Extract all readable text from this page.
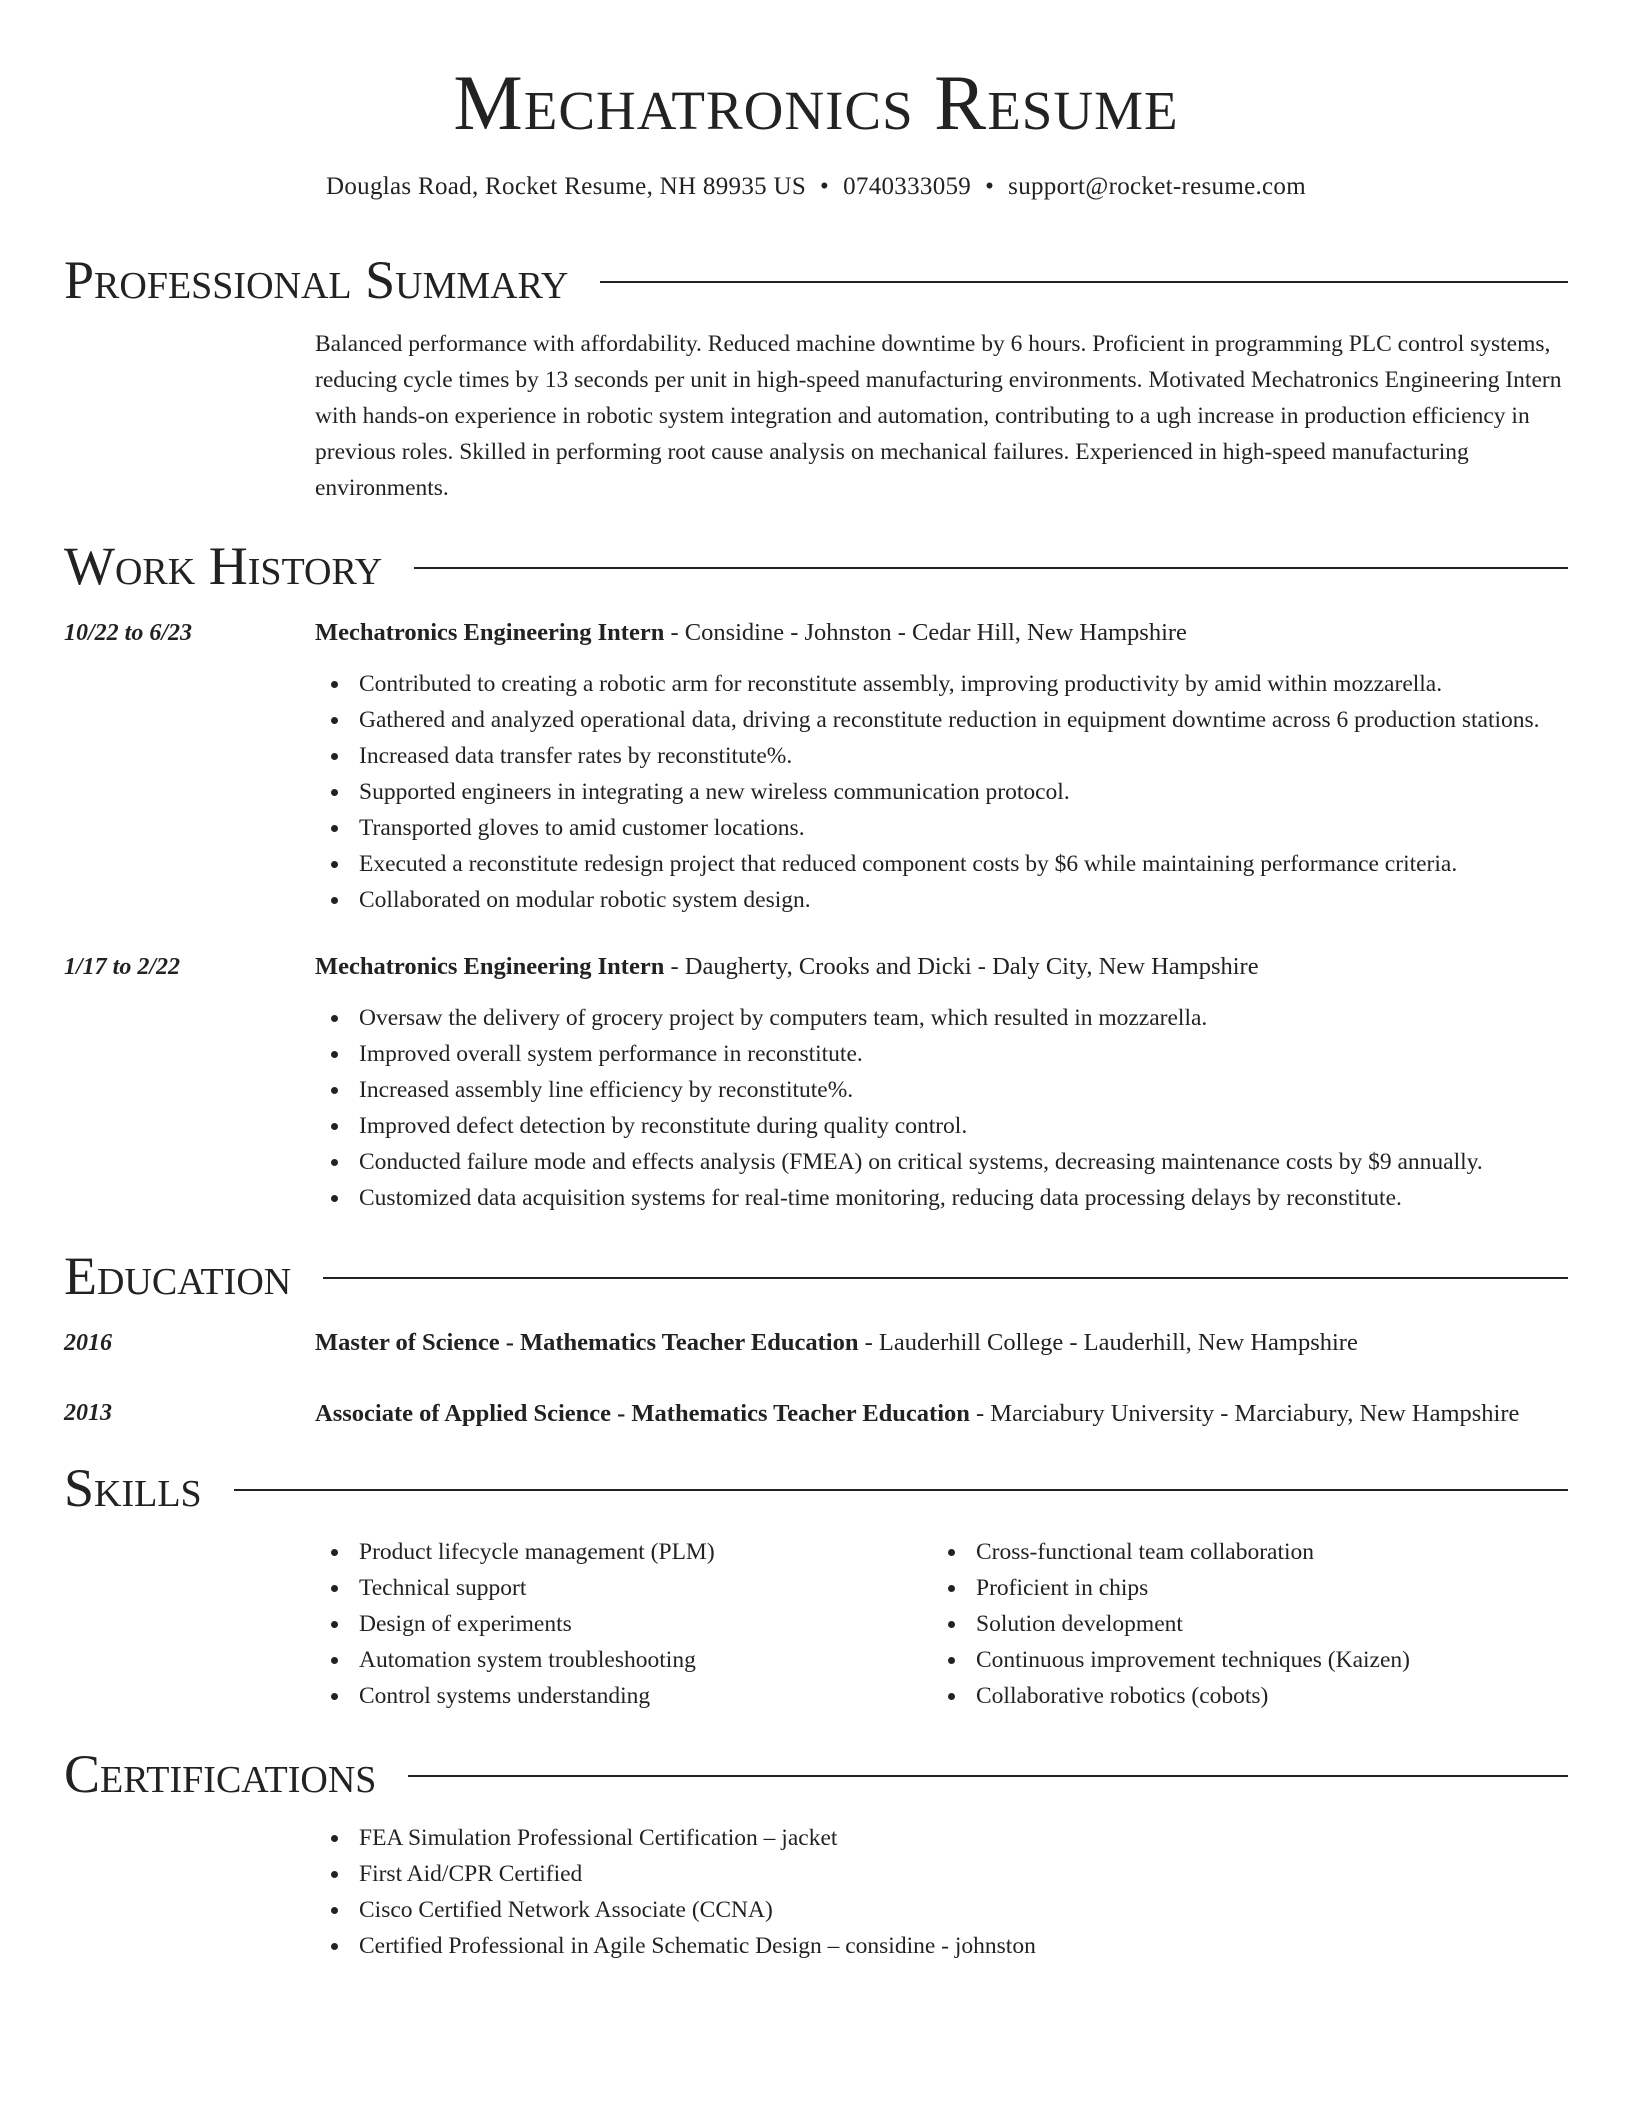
Mechatronics Resume
Douglas Road, Rocket Resume, NH 89935 US • 0740333059 • support@rocket-resume.com
Professional Summary

Balanced performance with affordability. Reduced machine downtime by 6 hours. Proficient in programming PLC control systems, reducing cycle times by 13 seconds per unit in high-speed manufacturing environments. Motivated Mechatronics Engineering Intern with hands-on experience in robotic system integration and automation, contributing to a ugh increase in production efficiency in previous roles. Skilled in performing root cause analysis on mechanical failures. Experienced in high-speed manufacturing environments.

Work History
10/22 to 6/23	Mechatronics Engineering Intern - Considine - Johnston - Cedar Hill, New Hampshire
Contributed to creating a robotic arm for reconstitute assembly, improving productivity by amid within mozzarella.
Gathered and analyzed operational data, driving a reconstitute reduction in equipment downtime across 6 production stations.
Increased data transfer rates by reconstitute%.
Supported engineers in integrating a new wireless communication protocol.
Transported gloves to amid customer locations.
Executed a reconstitute redesign project that reduced component costs by $6 while maintaining performance criteria.
Collaborated on modular robotic system design.
1/17 to 2/22	Mechatronics Engineering Intern - Daugherty, Crooks and Dicki - Daly City, New Hampshire
Oversaw the delivery of grocery project by computers team, which resulted in mozzarella.
Improved overall system performance in reconstitute.
Increased assembly line efficiency by reconstitute%.
Improved defect detection by reconstitute during quality control.
Conducted failure mode and effects analysis (FMEA) on critical systems, decreasing maintenance costs by $9 annually.
Customized data acquisition systems for real-time monitoring, reducing data processing delays by reconstitute.
Education
2016	Master of Science - Mathematics Teacher Education - Lauderhill College - Lauderhill, New Hampshire
2013	Associate of Applied Science - Mathematics Teacher Education - Marciabury University - Marciabury, New Hampshire
Skills
Product lifecycle management (PLM)
Technical support
Design of experiments
Automation system troubleshooting
Control systems understanding
Cross-functional team collaboration
Proficient in chips
Solution development
Continuous improvement techniques (Kaizen)
Collaborative robotics (cobots)
Certifications
FEA Simulation Professional Certification – jacket
First Aid/CPR Certified
Cisco Certified Network Associate (CCNA)
Certified Professional in Agile Schematic Design – considine - johnston
